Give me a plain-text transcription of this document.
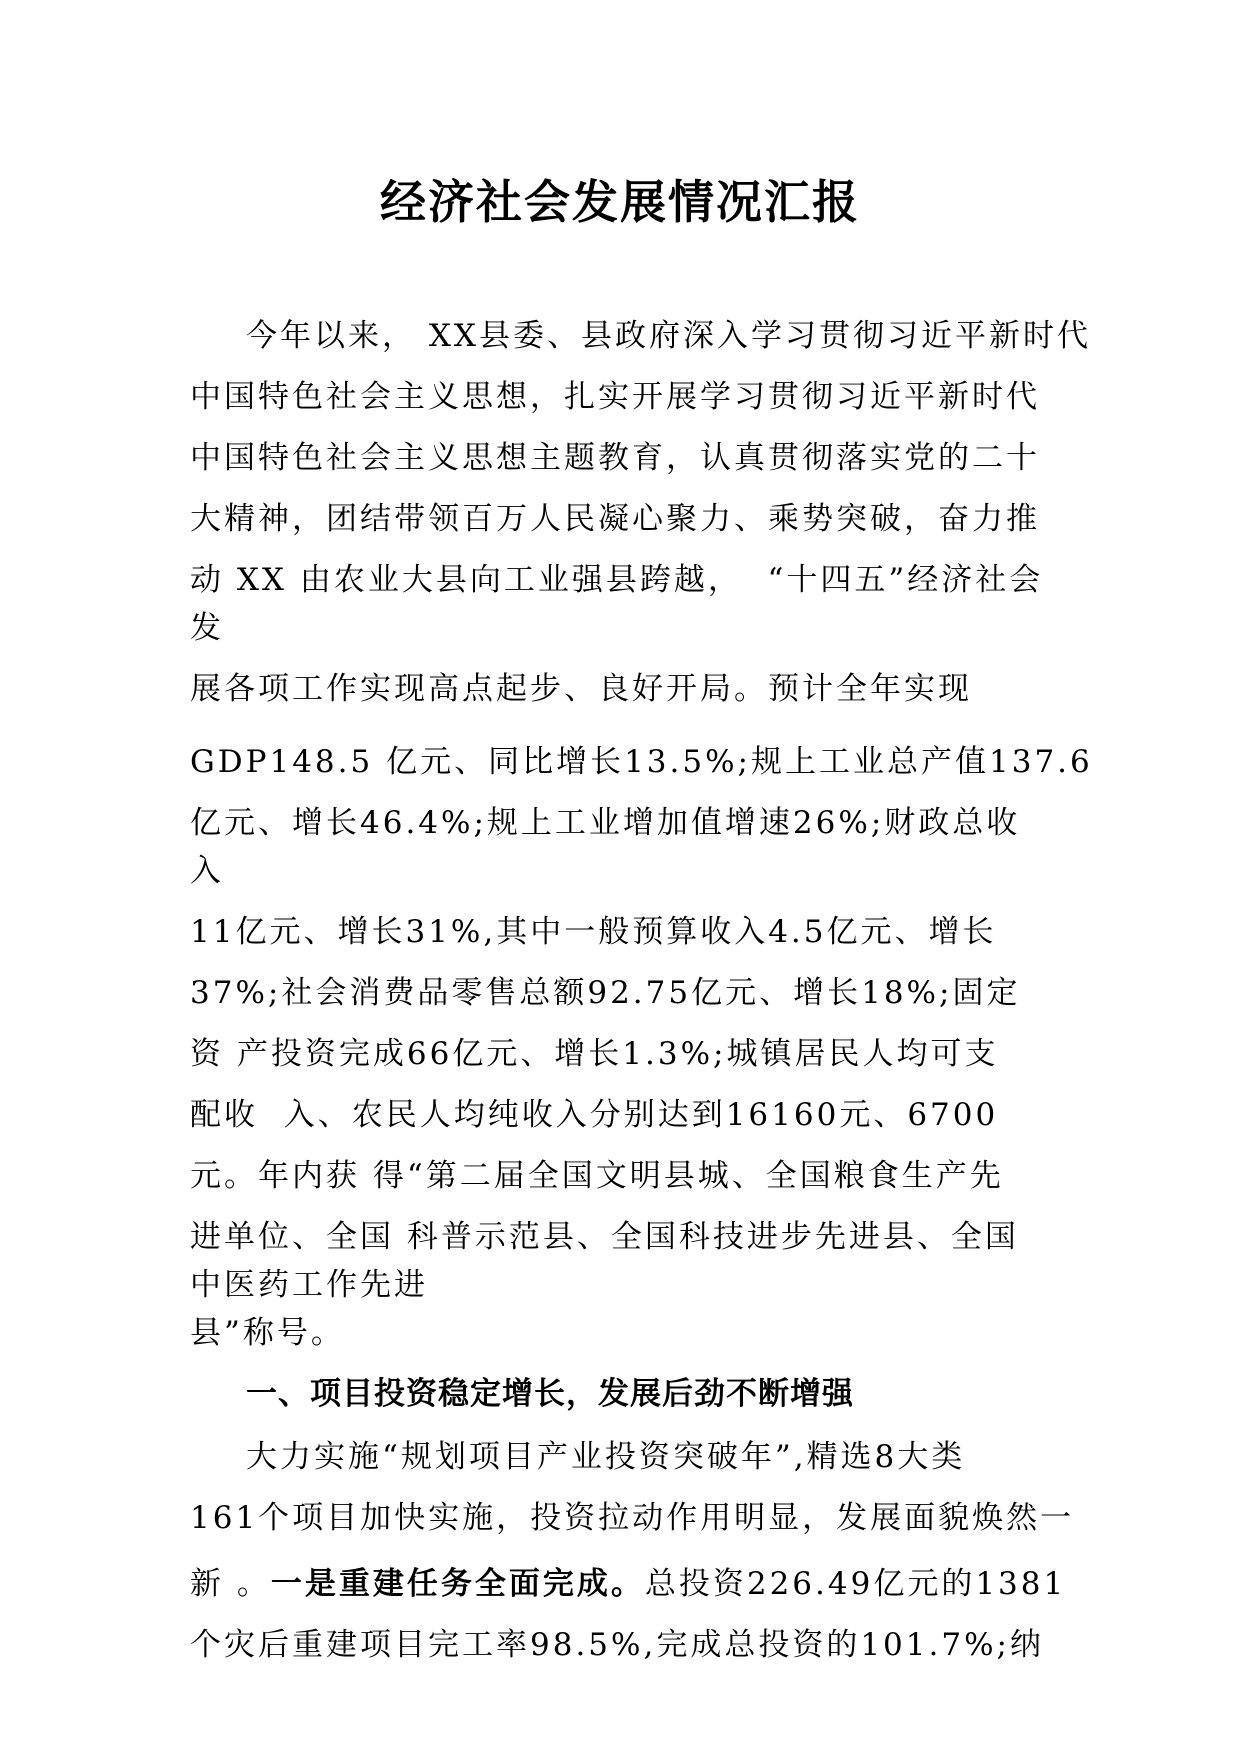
经济社会发展情况汇报
今年以来， XX县委、县政府深入学习贯彻习近平新时代
中国特色社会主义思想，扎实开展学习贯彻习近平新时代
中国特色社会主义思想主题教育，认真贯彻落实党的二十
大精神，团结带领百万人民凝心聚力、乘势突破，奋力推
动 XX 由农业大县向工业强县跨越，  “十四五”经济社会
发
展各项工作实现高点起步、良好开局。预计全年实现
GDP148.5 亿元、同比增长13.5%;规上工业总产值137.6
亿元、增长46.4%;规上工业增加值增速26%;财政总收
入
11亿元、增长31%,其中一般预算收入4.5亿元、增长
37%;社会消费品零售总额92.75亿元、增长18%;固定
资 产投资完成66亿元、增长1.3%;城镇居民人均可支
配收  入、农民人均纯收入分别达到16160元、6700
元。年内获 得“第二届全国文明县城、全国粮食生产先
进单位、全国 科普示范县、全国科技进步先进县、全国
中医药工作先进
县”称号。
一、项目投资稳定增长，发展后劲不断增强
大力实施“规划项目产业投资突破年”,精选8大类
161个项目加快实施，投资拉动作用明显，发展面貌焕然一
新 。一是重建任务全面完成。总投资226.49亿元的1381
个灾后重建项目完工率98.5%,完成总投资的101.7%;纳
